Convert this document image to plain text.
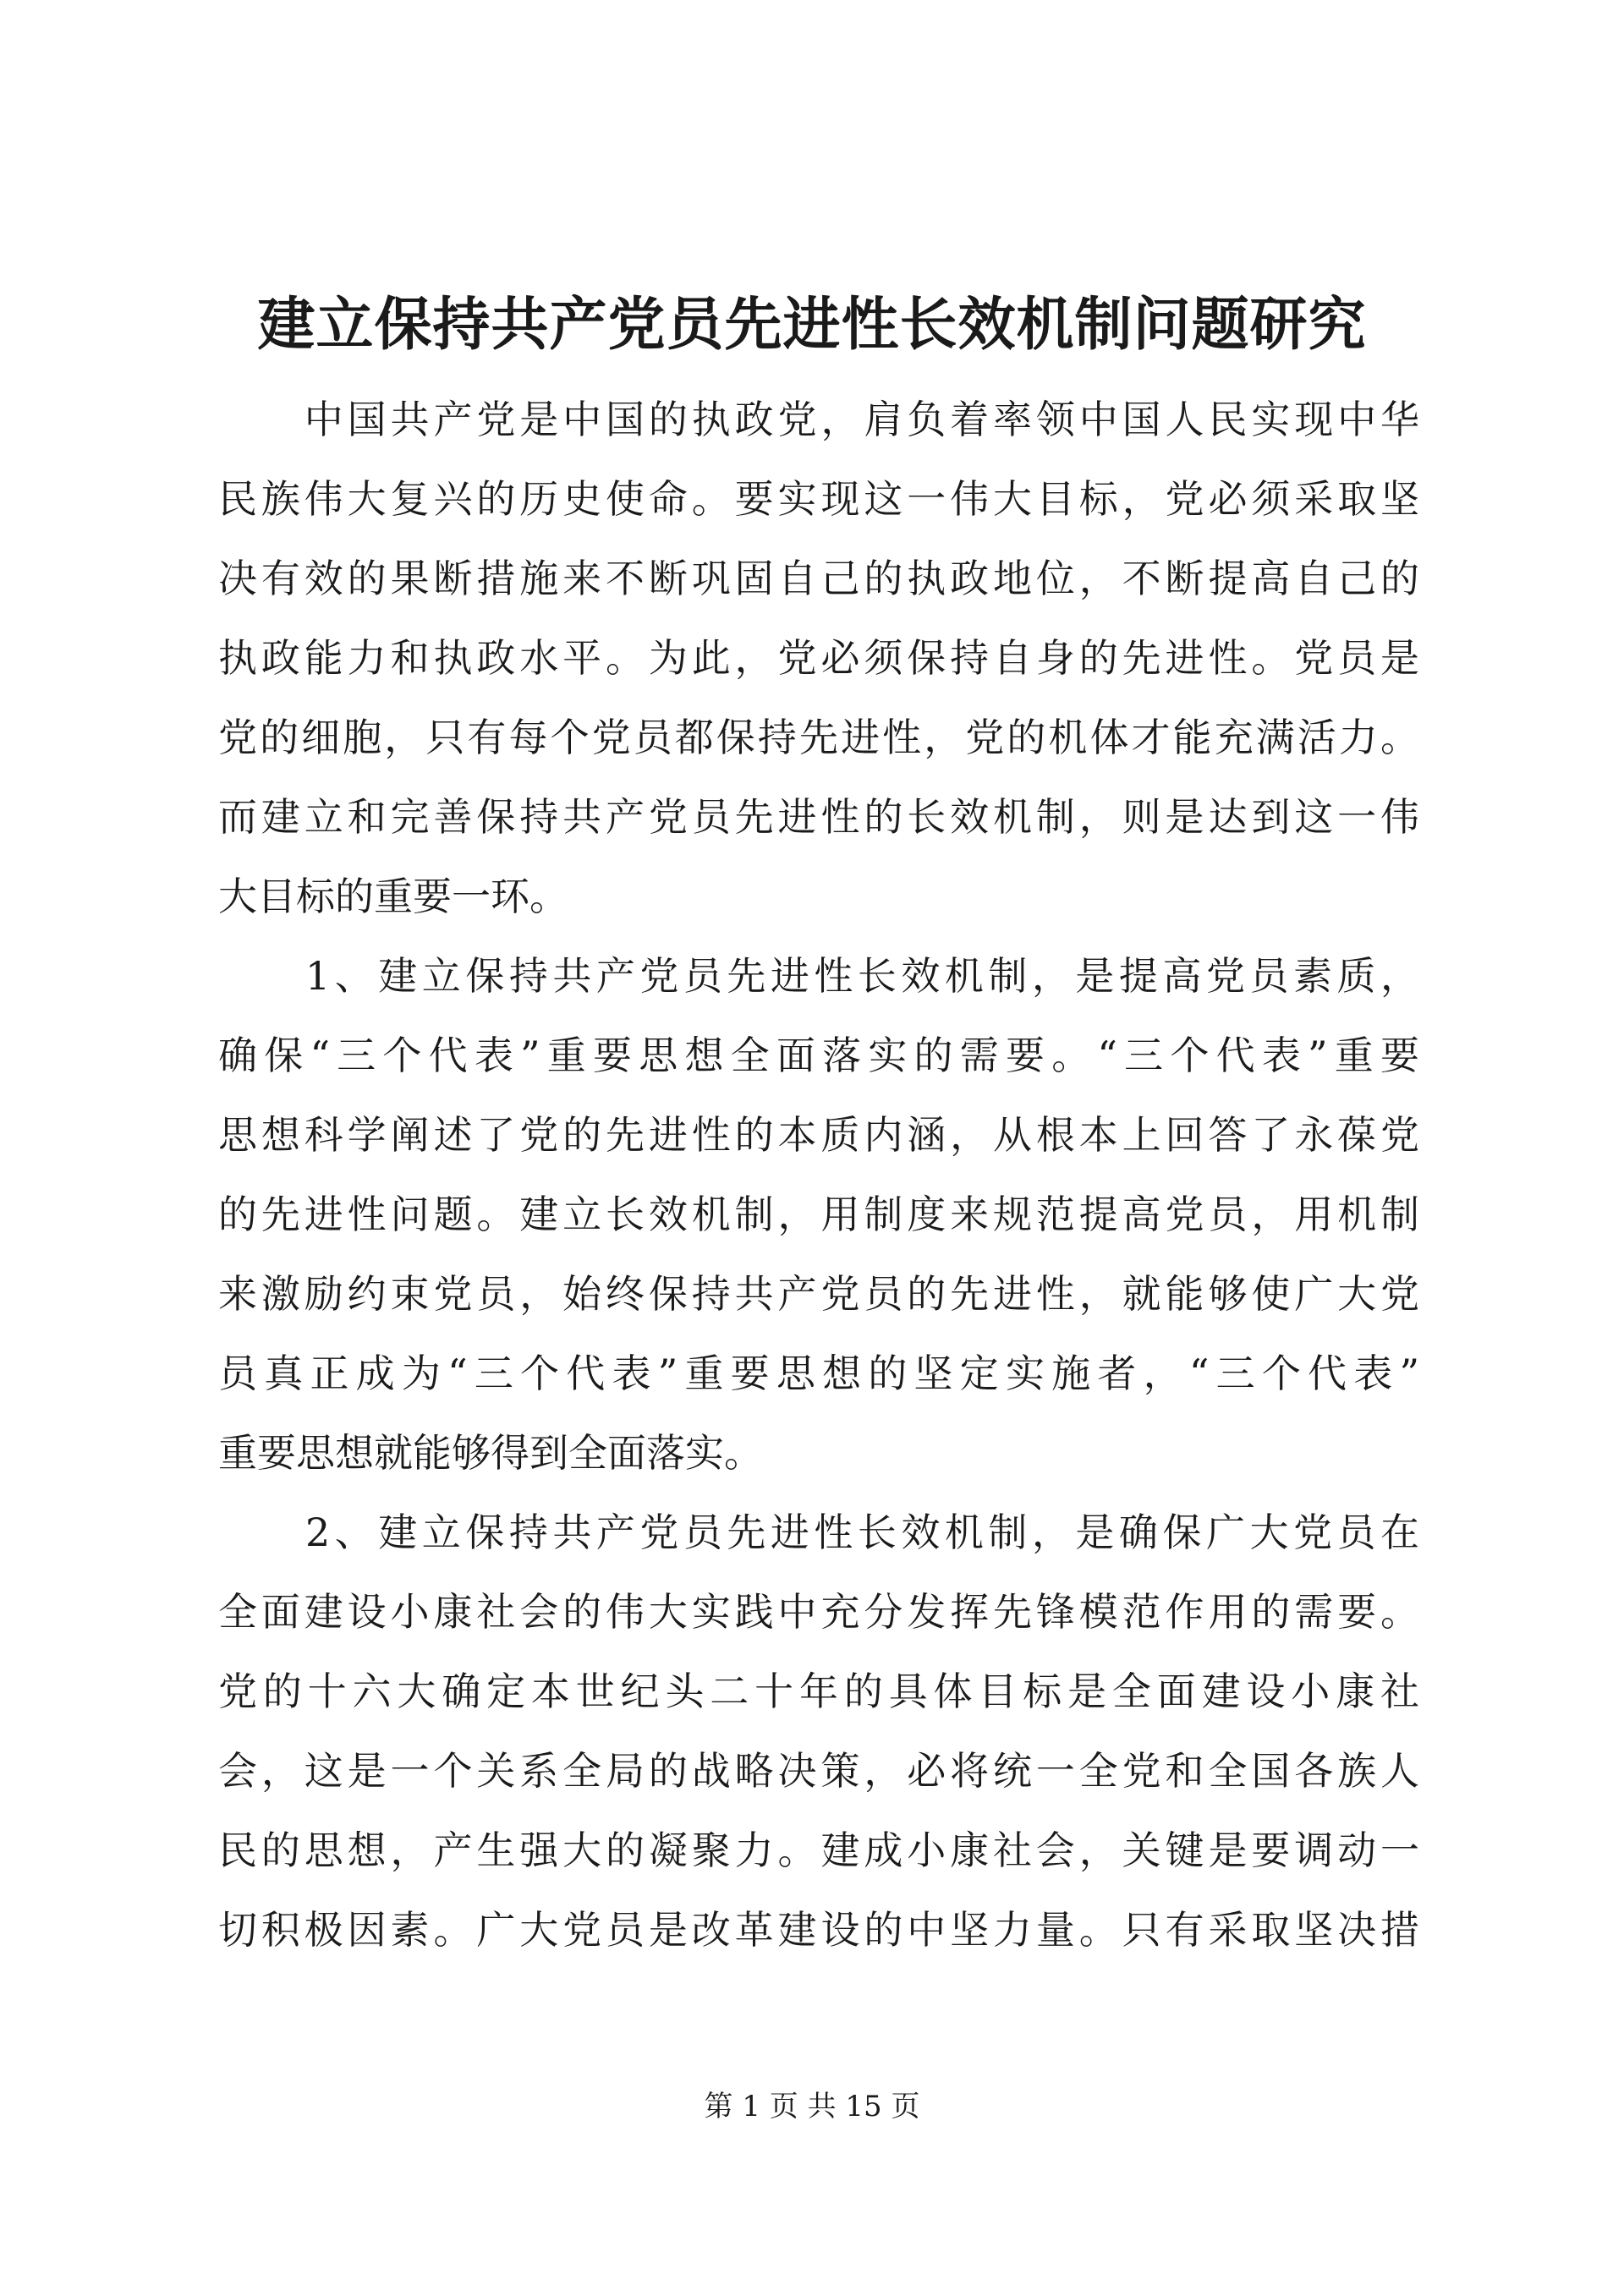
建立保持共产党员先进性长效机制问题研究
　　中国共产党是中国的执政党，肩负着率领中国人民实现中华
民族伟大复兴的历史使命。要实现这一伟大目标，党必须采取坚
决有效的果断措施来不断巩固自己的执政地位，不断提高自己的
执政能力和执政水平。为此，党必须保持自身的先进性。党员是
党的细胞，只有每个党员都保持先进性，党的机体才能充满活力。
而建立和完善保持共产党员先进性的长效机制，则是达到这一伟
大目标的重要一环。
　　1、建立保持共产党员先进性长效机制，是提高党员素质，
确保“三个代表”重要思想全面落实的需要。“三个代表”重要
思想科学阐述了党的先进性的本质内涵，从根本上回答了永葆党
的先进性问题。建立长效机制，用制度来规范提高党员，用机制
来激励约束党员，始终保持共产党员的先进性，就能够使广大党
员真正成为“三个代表”重要思想的坚定实施者，“三个代表”
重要思想就能够得到全面落实。
　　2、建立保持共产党员先进性长效机制，是确保广大党员在
全面建设小康社会的伟大实践中充分发挥先锋模范作用的需要。
党的十六大确定本世纪头二十年的具体目标是全面建设小康社
会，这是一个关系全局的战略决策，必将统一全党和全国各族人
民的思想，产生强大的凝聚力。建成小康社会，关键是要调动一
切积极因素。广大党员是改革建设的中坚力量。只有采取坚决措
第 1 页 共 15 页
